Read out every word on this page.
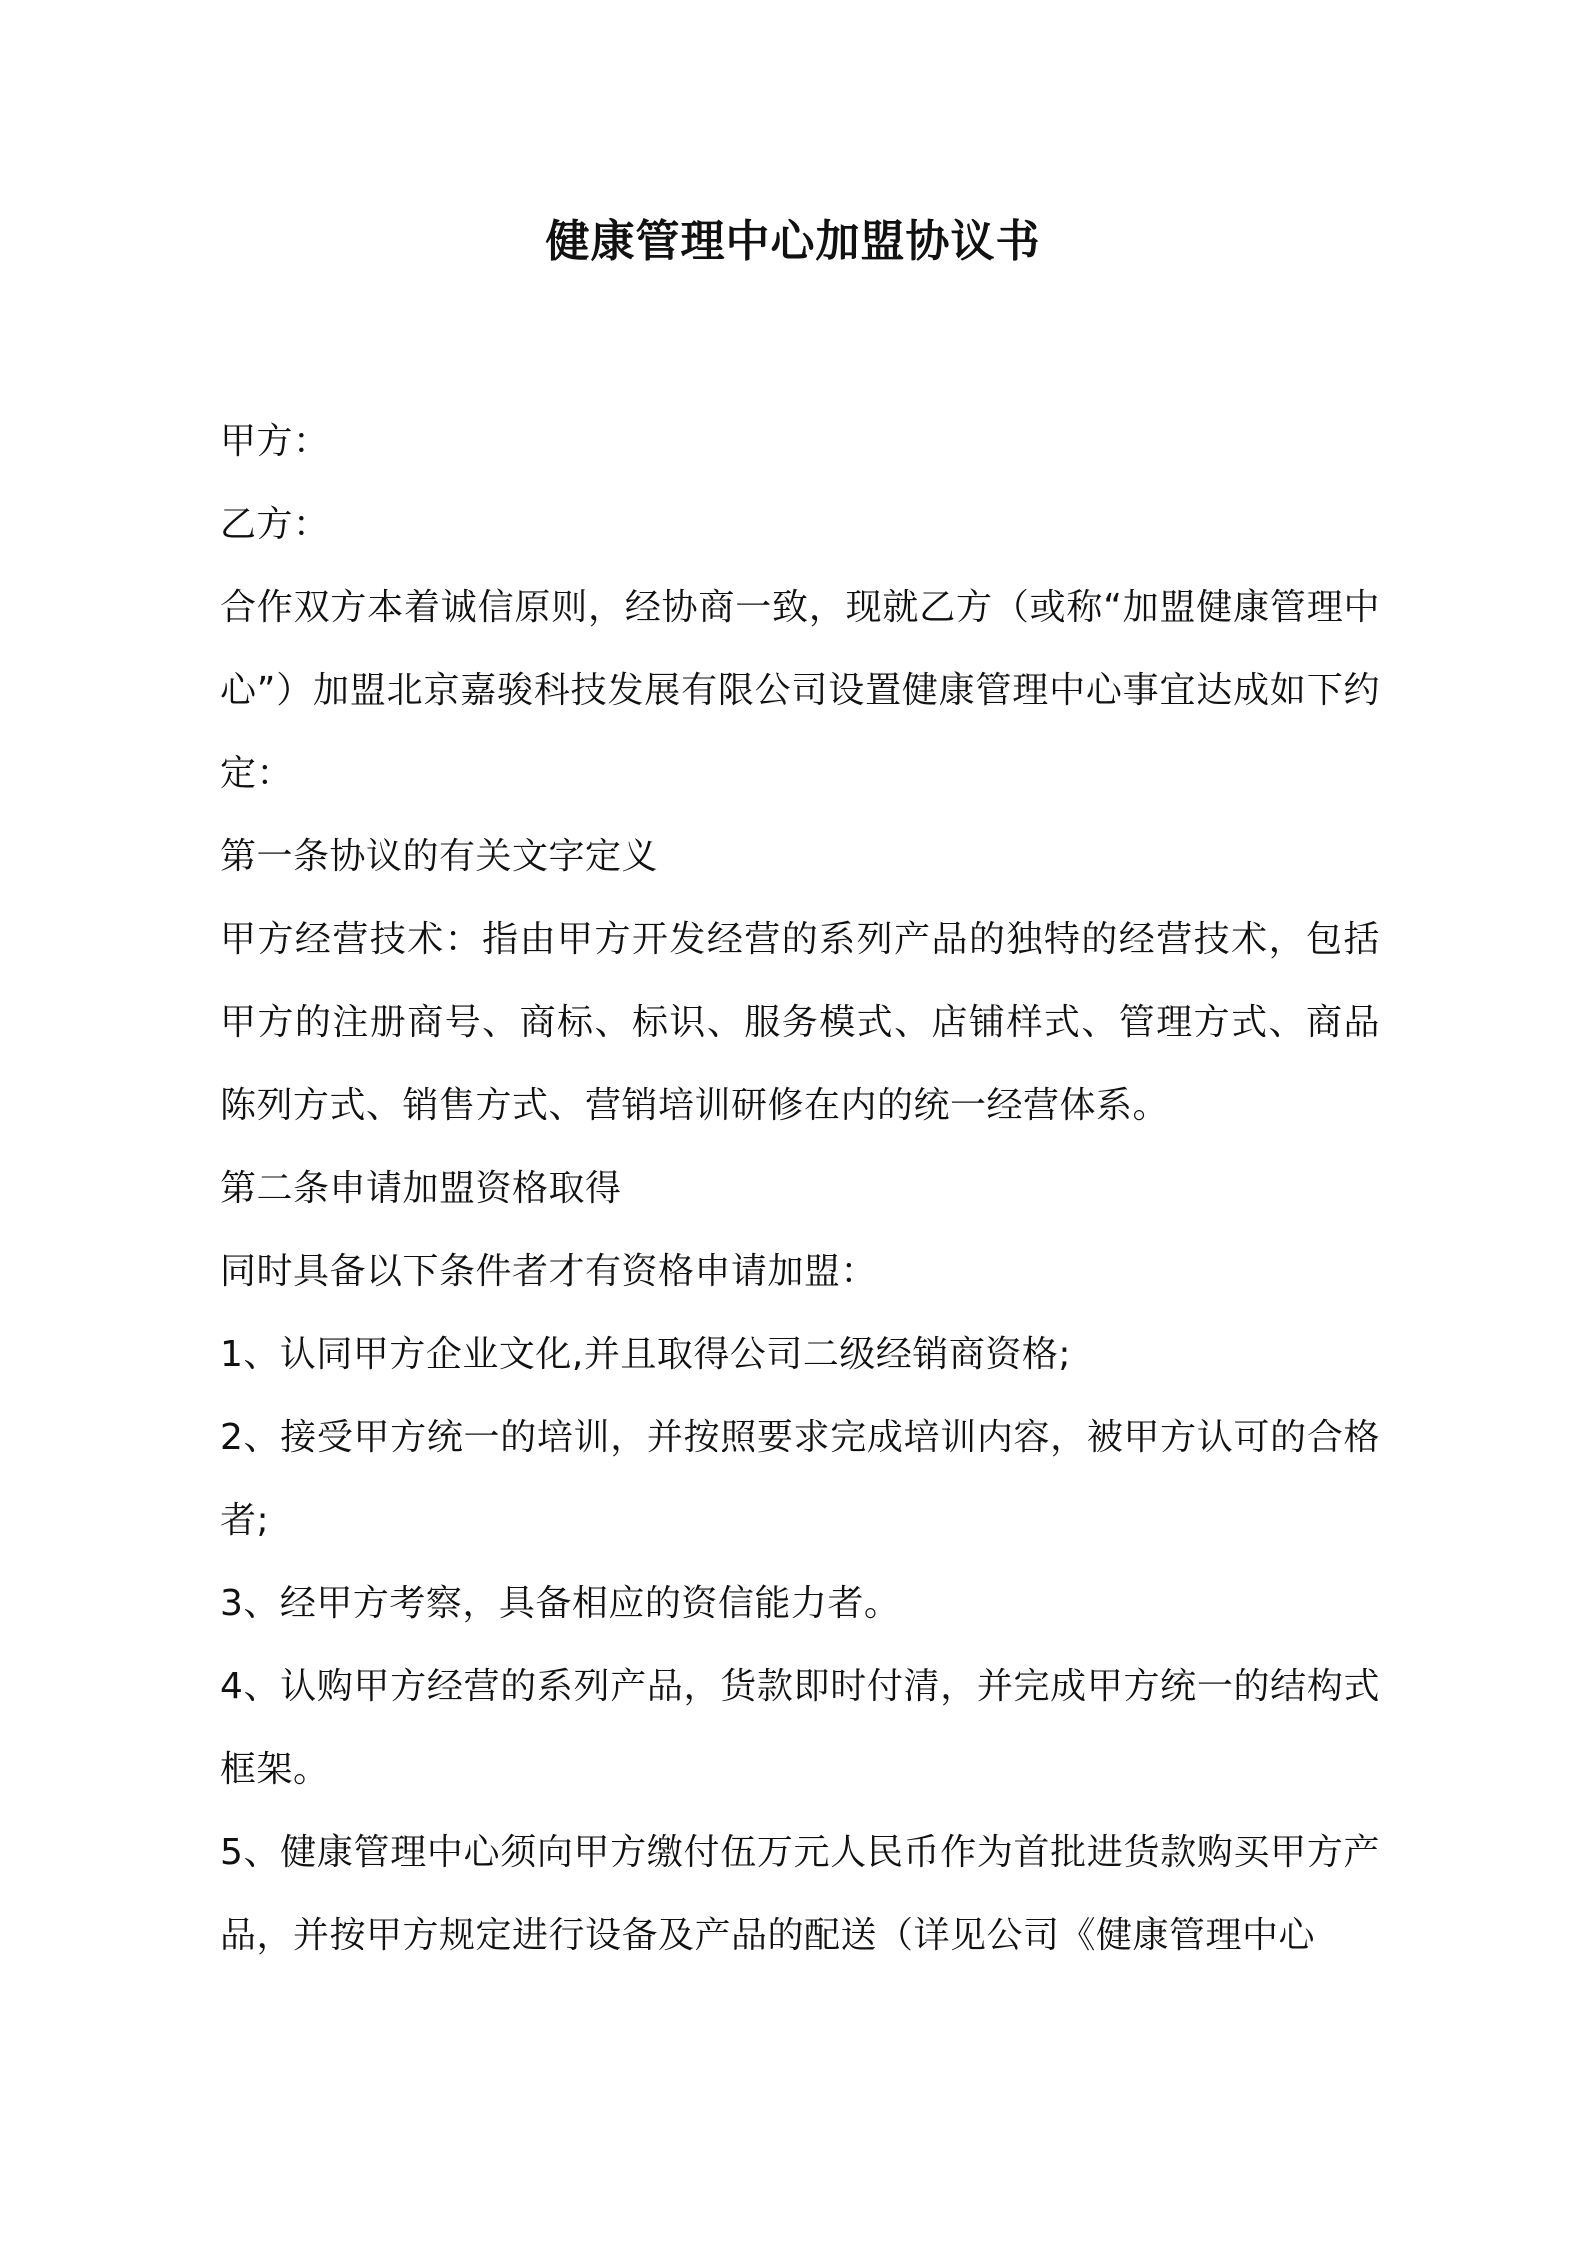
健康管理中心加盟协议书

甲方：

乙方：

合作双方本着诚信原则，经协商一致，现就乙方（或称“加盟健康管理中心”）加盟北京嘉骏科技发展有限公司设置健康管理中心事宜达成如下约定：

第一条协议的有关文字定义

甲方经营技术：指由甲方开发经营的系列产品的独特的经营技术，包括甲方的注册商号、商标、标识、服务模式、店铺样式、管理方式、商品陈列方式、销售方式、营销培训研修在内的统一经营体系。

第二条申请加盟资格取得

同时具备以下条件者才有资格申请加盟：

1、认同甲方企业文化,并且取得公司二级经销商资格;

2、接受甲方统一的培训，并按照要求完成培训内容，被甲方认可的合格者;

3、经甲方考察，具备相应的资信能力者。

4、认购甲方经营的系列产品，货款即时付清，并完成甲方统一的结构式框架。

5、健康管理中心须向甲方缴付伍万元人民币作为首批进货款购买甲方产品，并按甲方规定进行设备及产品的配送（详见公司《健康管理中心
